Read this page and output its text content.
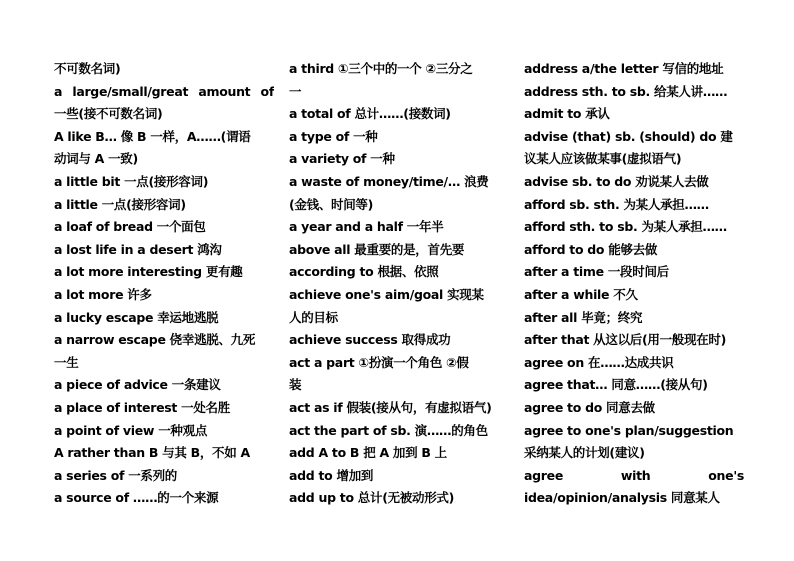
不可数名词)
a large/small/great amount of
一些(接不可数名词)
A like B… 像 B 一样，A……(谓语
动词与 A 一致)
a little bit 一点(接形容词)
a little 一点(接形容词)
a loaf of bread 一个面包
a lost life in a desert 鸿沟
a lot more interesting 更有趣
a lot more 许多
a lucky escape 幸运地逃脱
a narrow escape 侥幸逃脱、九死
一生
a piece of advice 一条建议
a place of interest 一处名胜
a point of view 一种观点
A rather than B 与其 B，不如 A
a series of 一系列的
a source of ……的一个来源
a third ①三个中的一个 ②三分之
一
a total of 总计……(接数词)
a type of 一种
a variety of 一种
a waste of money/time/… 浪费
(金钱、时间等)
a year and a half 一年半
above all 最重要的是，首先要
according to 根据、依照
achieve one's aim/goal 实现某
人的目标
achieve success 取得成功
act a part ①扮演一个角色 ②假
装
act as if 假装(接从句，有虚拟语气)
act the part of sb. 演……的角色
add A to B 把 A 加到 B 上
add to 增加到
add up to 总计(无被动形式)
address a/the letter 写信的地址
address sth. to sb. 给某人讲……
admit to 承认
advise (that) sb. (should) do 建
议某人应该做某事(虚拟语气)
advise sb. to do 劝说某人去做
afford sb. sth. 为某人承担……
afford sth. to sb. 为某人承担……
afford to do 能够去做
after a time 一段时间后
after a while 不久
after all 毕竟；终究
after that 从这以后(用一般现在时)
agree on 在……达成共识
agree that… 同意……(接从句)
agree to do 同意去做
agree to one's plan/suggestion
采纳某人的计划(建议)
agree	with	one's
idea/opinion/analysis 同意某人
